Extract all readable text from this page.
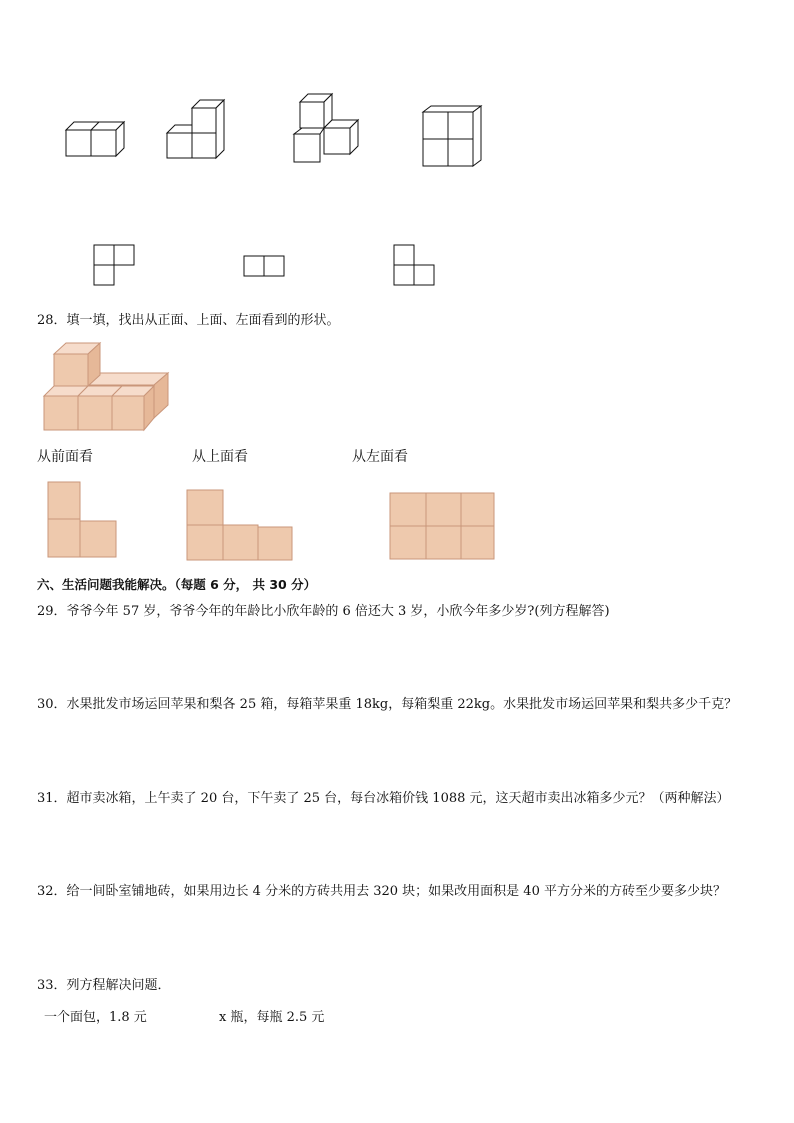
28．填一填，找出从正面、上面、左面看到的形状。
从前面看	从上面看	从左面看
六、生活问题我能解决。（每题 6 分， 共 30 分）
29．爷爷今年 57 岁，爷爷今年的年龄比小欣年龄的 6 倍还大 3 岁，小欣今年多少岁?(列方程解答)
30．水果批发市场运回苹果和梨各 25 箱，每箱苹果重 18kg，每箱梨重 22kg。水果批发市场运回苹果和梨共多少千克？
31．超市卖冰箱，上午卖了 20 台，下午卖了 25 台，每台冰箱价钱 1088 元，这天超市卖出冰箱多少元？（两种解法）
32．给一间卧室铺地砖，如果用边长 4 分米的方砖共用去 320 块；如果改用面积是 40 平方分米的方砖至少要多少块？
33．列方程解决问题．
一个面包，1.8 元	x 瓶，每瓶 2.5 元
